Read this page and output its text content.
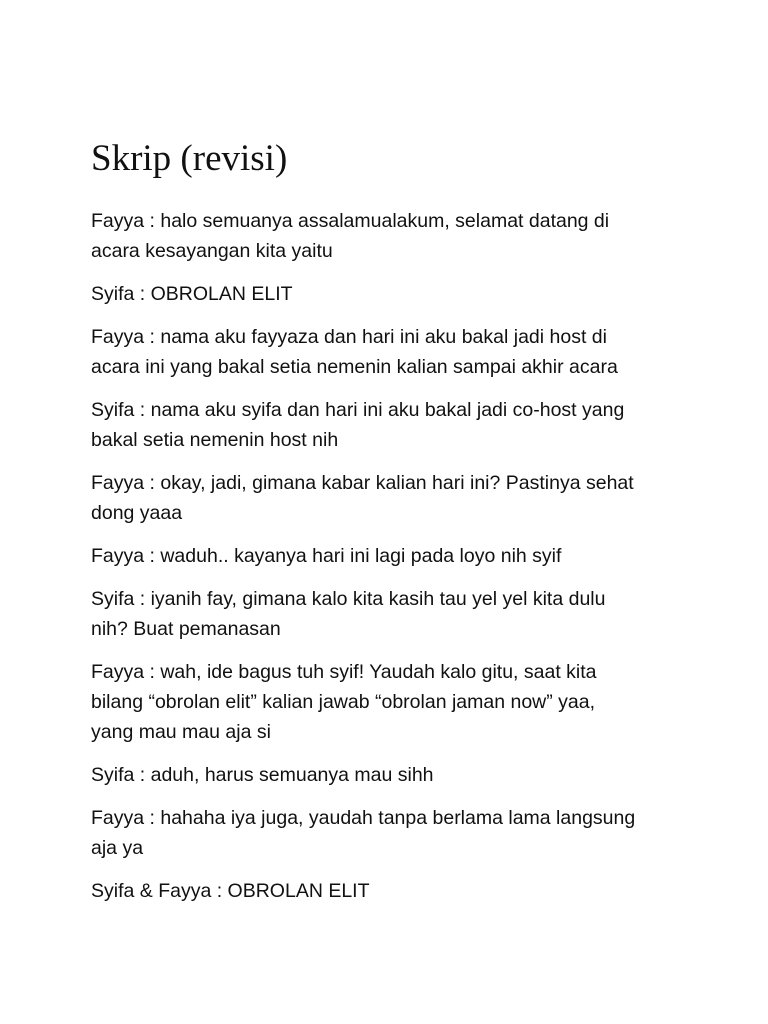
Skrip (revisi)

Fayya : halo semuanya assalamualakum, selamat datang di
acara kesayangan kita yaitu

Syifa : OBROLAN ELIT

Fayya : nama aku fayyaza dan hari ini aku bakal jadi host di
acara ini yang bakal setia nemenin kalian sampai akhir acara

Syifa : nama aku syifa dan hari ini aku bakal jadi co-host yang
bakal setia nemenin host nih

Fayya : okay, jadi, gimana kabar kalian hari ini? Pastinya sehat
dong yaaa

Fayya : waduh.. kayanya hari ini lagi pada loyo nih syif

Syifa : iyanih fay, gimana kalo kita kasih tau yel yel kita dulu
nih? Buat pemanasan

Fayya : wah, ide bagus tuh syif! Yaudah kalo gitu, saat kita
bilang “obrolan elit” kalian jawab “obrolan jaman now” yaa,
yang mau mau aja si

Syifa : aduh, harus semuanya mau sihh

Fayya : hahaha iya juga, yaudah tanpa berlama lama langsung
aja ya

Syifa & Fayya : OBROLAN ELIT
